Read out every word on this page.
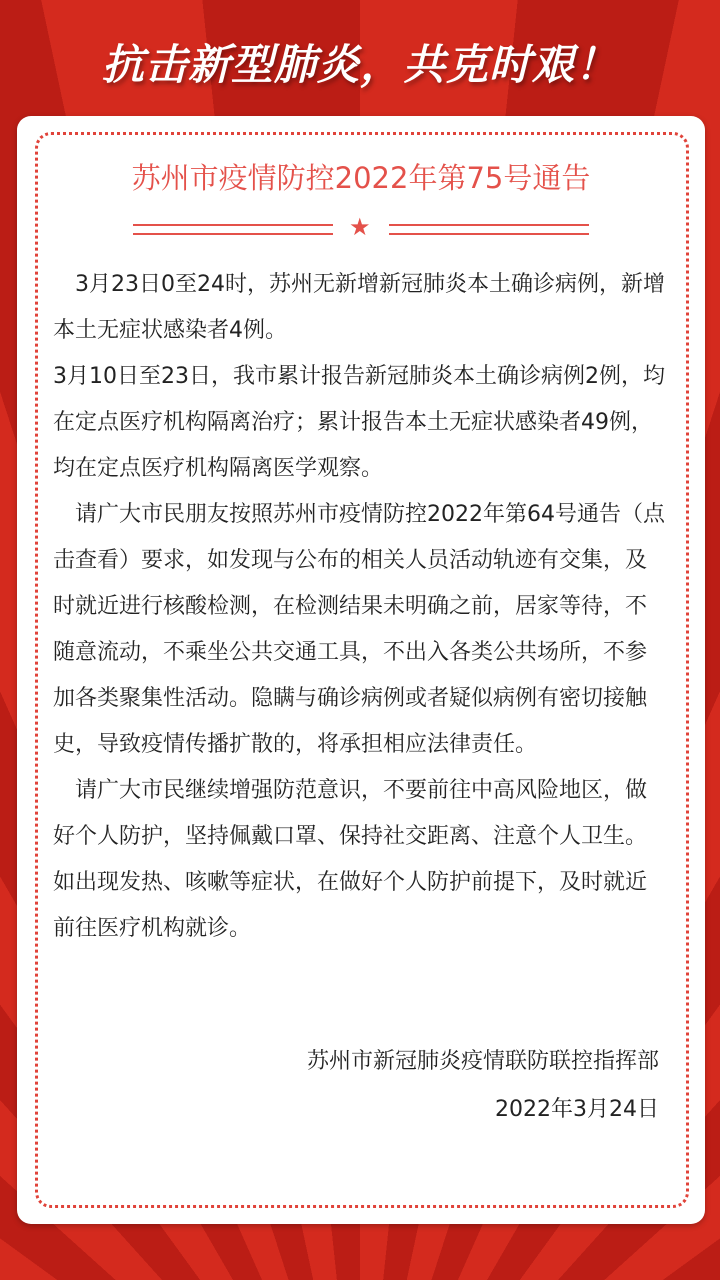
抗击新型肺炎，共克时艰！
苏州市疫情防控2022年第75号通告
★

3月23日0至24时，苏州无新增新冠肺炎本土确诊病例，新增本土无症状感染者4例。

3月10日至23日，我市累计报告新冠肺炎本土确诊病例2例，均在定点医疗机构隔离治疗；累计报告本土无症状感染者49例，均在定点医疗机构隔离医学观察。

请广大市民朋友按照苏州市疫情防控2022年第64号通告（点击查看）要求，如发现与公布的相关人员活动轨迹有交集，及时就近进行核酸检测，在检测结果未明确之前，居家等待，不随意流动，不乘坐公共交通工具，不出入各类公共场所，不参加各类聚集性活动。隐瞒与确诊病例或者疑似病例有密切接触史，导致疫情传播扩散的，将承担相应法律责任。

请广大市民继续增强防范意识，不要前往中高风险地区，做好个人防护，坚持佩戴口罩、保持社交距离、注意个人卫生。如出现发热、咳嗽等症状，在做好个人防护前提下，及时就近前往医疗机构就诊。

苏州市新冠肺炎疫情联防联控指挥部
2022年3月24日
